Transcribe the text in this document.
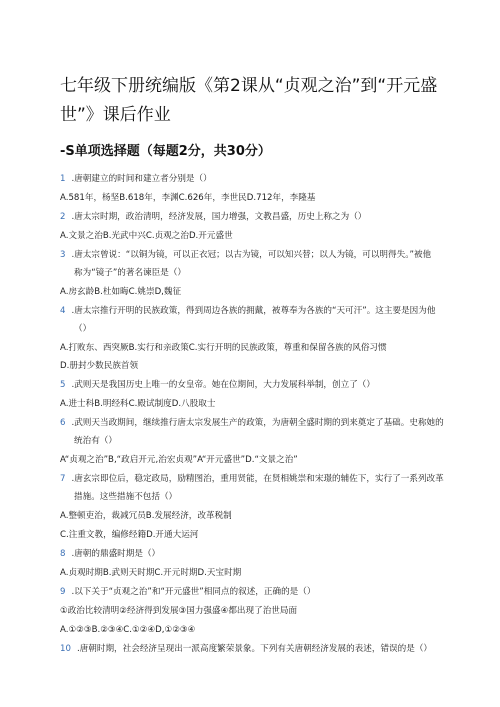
七年级下册统编版《第2课从“贞观之治”到“开元盛世”》课后作业
-S单项选择题（每题2分，共30分）
1 .唐朝建立的时间和建立者分别是（）
A.581年，杨坚B.618年，李渊C.626年，李世民D.712年，李隆基
2 .唐太宗时期，政治清明，经济发展，国力增强，文教昌盛，历史上称之为（）
A.文景之治B.光武中兴C.贞观之治D.开元盛世
3 .唐太宗曾说：“以铜为镜，可以正衣冠；以古为镜，可以知兴替；以人为镜，可以明得失。”被他
称为“镜子”的著名谏臣是（）
A.房玄龄B.杜如晦C.姚崇D,魏征
4 .唐太宗推行开明的民族政策，得到周边各族的拥戴，被尊奉为各族的“天可汗”。这主要是因为他
（）
A.打败东、西突厥B.实行和亲政策C.实行开明的民族政策，尊重和保留各族的风俗习惯
D.册封少数民族首领
5 .武则天是我国历史上唯一的女皇帝。她在位期间，大力发展科举制，创立了（）
A.进士科B.明经科C.殿试制度D.八股取士
6 .武则天当政期间，继续推行唐太宗发展生产的政策，为唐朝全盛时期的到来奠定了基础。史称她的
统治有（）
A“贞观之治”B,“政启开元,治宏贞观”A“开元盛世”D.“文景之治”
7 .唐玄宗即位后，稳定政局，励精图治，重用贤能，在贤相姚崇和宋璟的辅佐下，实行了一系列改革
措施。这些措施不包括（）
A.整顿吏治，裁减冗员B.发展经济，改革税制
C.注重文教，编修经籍D.开通大运河
8 .唐朝的鼎盛时期是（）
A.贞观时期B.武则天时期C.开元时期D.天宝时期
9 .以下关于“贞观之治”和“开元盛世”相同点的叙述，正确的是（）
①政治比较清明②经济得到发展③国力强盛④都出现了治世局面
A.①②③B.②③④C.①②④D,①②③④
10 .唐朝时期，社会经济呈现出一派高度繁荣景象。下列有关唐朝经济发展的表述，错误的是（）
